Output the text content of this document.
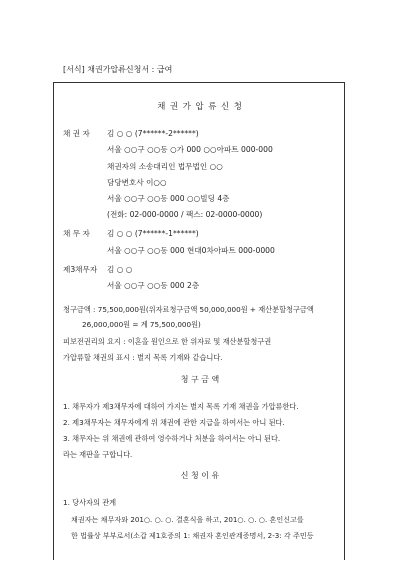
[서식] 채권가압류신청서 : 급여
채 권 가 압 류 신 청
채 권 자 김 ○ ○ (7******-2******)
서울 ○○구 ○○동 ○가 000 ○○아파트 000-000
채권자의 소송대리인 법무법인 ○○
담당변호사 이○○
서울 ○○구 ○○동 000 ○○빌딩 4층
(전화: 02-000-0000 / 팩스: 02-0000-0000)
채 무 자 김 ○ ○ (7******-1******)
서울 ○○구 ○○동 000 현대0차아파트 000-0000
제3채무자 김 ○ ○
서울 ○○구 ○○동 000 2층
청구금액 : 75,500,000원(위자료청구금액 50,000,000원 + 재산분할청구금액
26,000,000원 = 계 75,500,000원)
피보전권리의 요지 : 이혼을 원인으로 한 위자료 및 재산분할청구권
가압류할 채권의 표시 : 별지 목록 기재와 같습니다.
청 구 금 액
1. 채무자가 제3채무자에 대하여 가지는 별지 목록 기재 채권을 가압류한다.
2. 제3채무자는 채무자에게 위 채권에 관한 지급을 하여서는 아니 된다.
3. 채무자는 위 채권에 관하여 영수하거나 처분을 하여서는 아니 된다.
라는 재판을 구합니다.
신 청 이 유
1. 당사자의 관계
채권자는 채무자와 201○. ○. ○. 결혼식을 하고, 201○. ○. ○. 혼인신고를
한 법률상 부부로서(소갑 제1호증의 1: 채권자 혼인관계증명서, 2-3: 각 주민등
